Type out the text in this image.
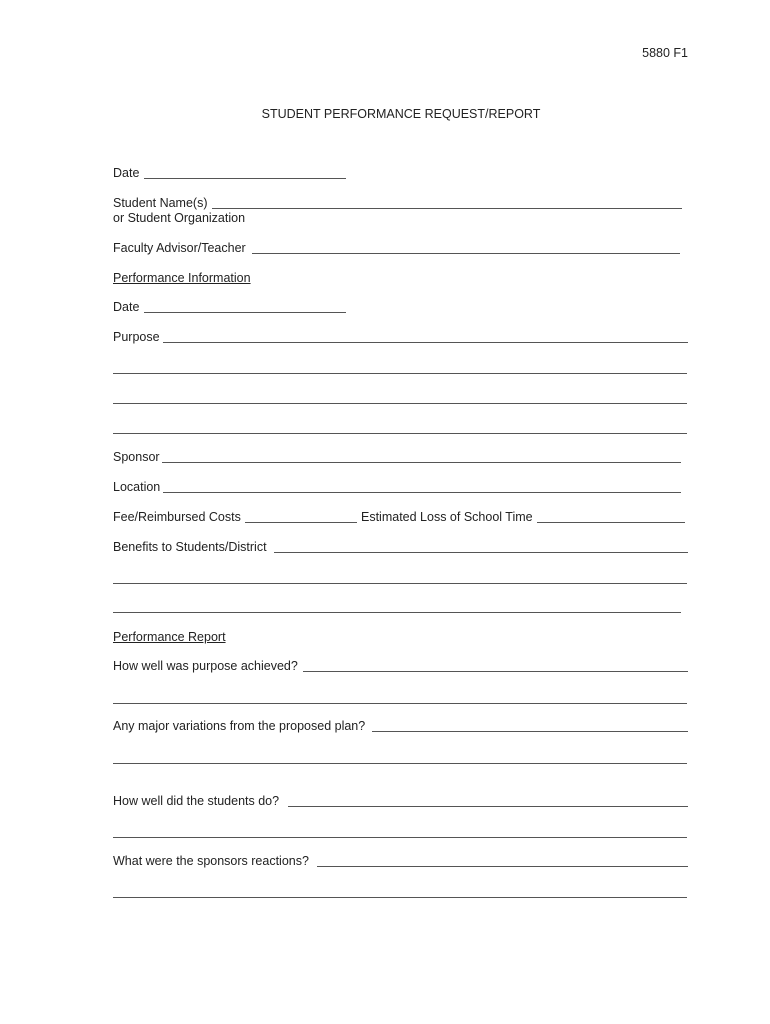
5880 F1
STUDENT PERFORMANCE REQUEST/REPORT
Date
Student Name(s)
or Student Organization
Faculty Advisor/Teacher
Performance Information
Date
Purpose
Sponsor
Location
Fee/Reimbursed Costs	Estimated Loss of School Time
Benefits to Students/District
Performance Report
How well was purpose achieved?
Any major variations from the proposed plan?
How well did the students do?
What were the sponsors reactions?
